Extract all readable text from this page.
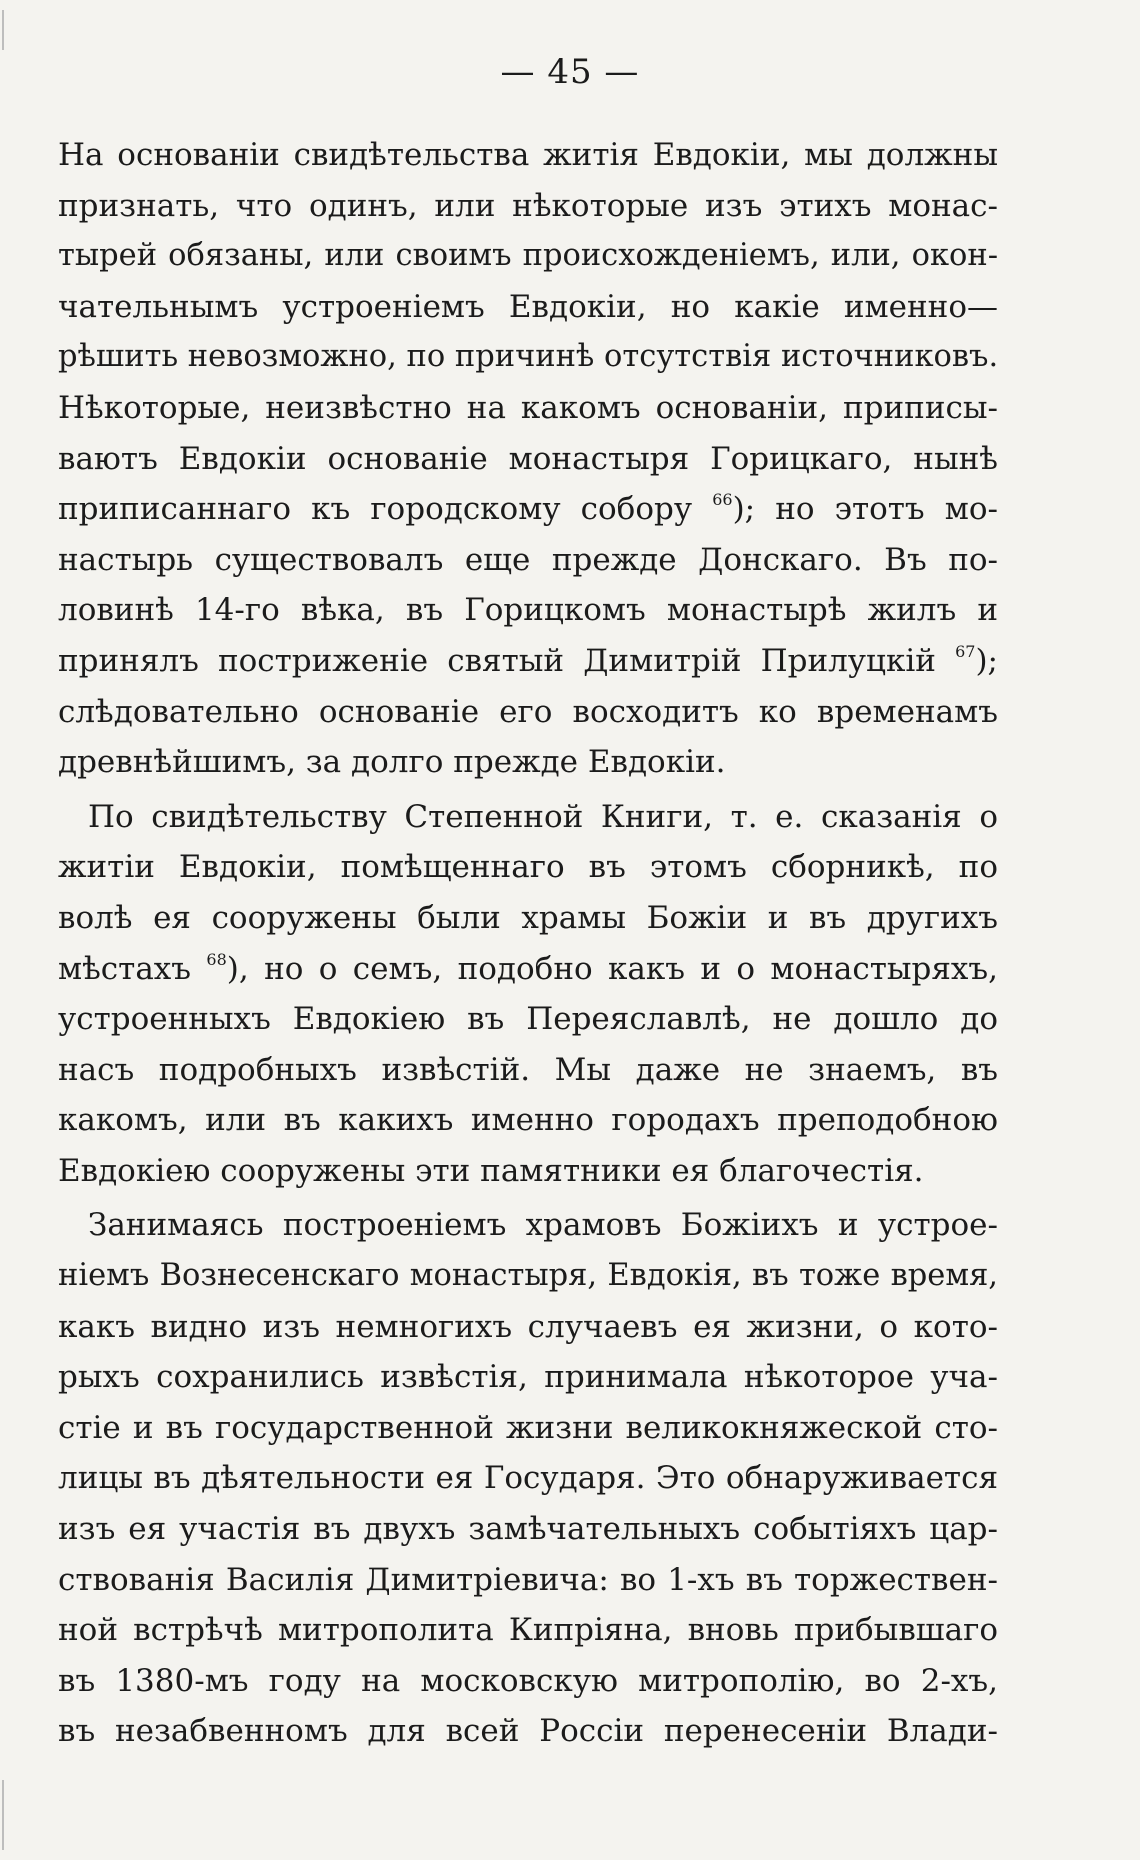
— 45 —
На основаніи свидѣтельства житія Евдокіи, мы должны
признать, что одинъ, или нѣкоторые изъ этихъ монас-
тырей обязаны, или своимъ происхожденіемъ, или, окон-
чательнымъ устроеніемъ Евдокіи, но какіе именно—
рѣшить невозможно, по причинѣ отсутствія источниковъ.
Нѣкоторые, неизвѣстно на какомъ основаніи, приписы-
ваютъ Евдокіи основаніе монастыря Горицкаго, нынѣ
приписаннаго къ городскому собору $^{66}$); но этотъ мо-
настырь существовалъ еще прежде Донскаго. Въ по-
ловинѣ 14-го вѣка, въ Горицкомъ монастырѣ жилъ и
принялъ постриженіе святый Димитрій Прилуцкій $^{67}$);
слѣдовательно основаніе его восходитъ ко временамъ
древнѣйшимъ, за долго прежде Евдокіи.
По свидѣтельству Степенной Книги, т. е. сказанія о
житіи Евдокіи, помѣщеннаго въ этомъ сборникѣ, по
волѣ ея сооружены были храмы Божіи и въ другихъ
мѣстахъ $^{68}$), но о семъ, подобно какъ и о монастыряхъ,
устроенныхъ Евдокіею въ Переяславлѣ, не дошло до
насъ подробныхъ извѣстій. Мы даже не знаемъ, въ
какомъ, или въ какихъ именно городахъ преподобною
Евдокіею сооружены эти памятники ея благочестія.
Занимаясь построеніемъ храмовъ Божіихъ и устрое-
ніемъ Вознесенскаго монастыря, Евдокія, въ тоже время,
какъ видно изъ немногихъ случаевъ ея жизни, о кото-
рыхъ сохранились извѣстія, принимала нѣкоторое уча-
стіе и въ государственной жизни великокняжеской сто-
лицы въ дѣятельности ея Государя. Это обнаруживается
изъ ея участія въ двухъ замѣчательныхъ событіяхъ цар-
ствованія Василія Димитріевича: во 1-хъ въ торжествен-
ной встрѣчѣ митрополита Кипріяна, вновь прибывшаго
въ 1380-мъ году на московскую митрополію, во 2-хъ,
въ незабвенномъ для всей Россіи перенесеніи Влади-
